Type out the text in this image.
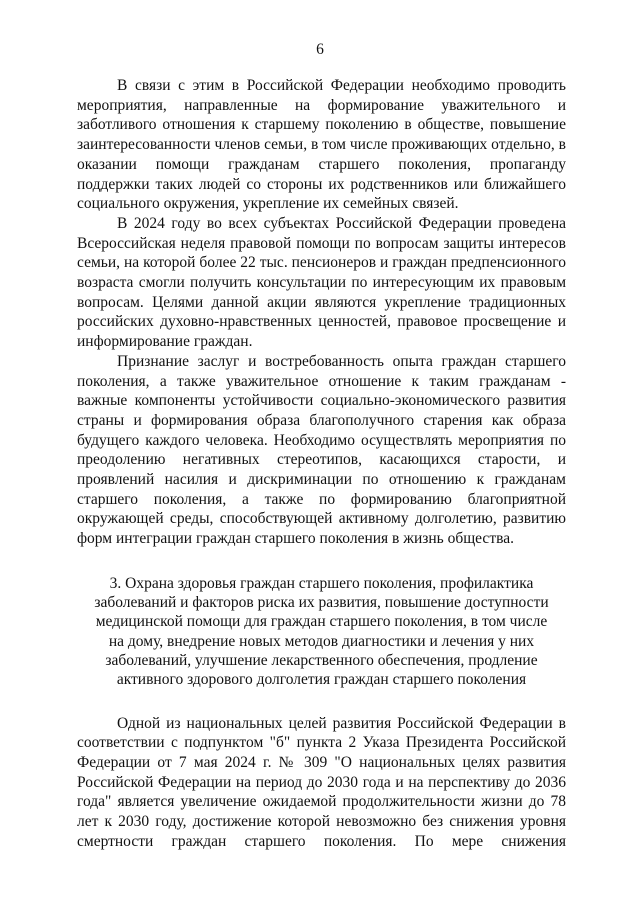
6

В связи с этим в Российской Федерации необходимо проводить мероприятия, направленные на формирование уважительного и заботливого отношения к старшему поколению в обществе, повышение заинтересованности членов семьи, в том числе проживающих отдельно, в оказании помощи гражданам старшего поколения, пропаганду поддержки таких людей со стороны их родственников или ближайшего социального окружения, укрепление их семейных связей.

В 2024 году во всех субъектах Российской Федерации проведена Всероссийская неделя правовой помощи по вопросам защиты интересов семьи, на которой более 22 тыс. пенсионеров и граждан предпенсионного возраста смогли получить консультации по интересующим их правовым вопросам. Целями данной акции являются укрепление традиционных российских духовно-нравственных ценностей, правовое просвещение и информирование граждан.

Признание заслуг и востребованность опыта граждан старшего поколения, а также уважительное отношение к таким гражданам - важные компоненты устойчивости социально-экономического развития страны и формирования образа благополучного старения как образа будущего каждого человека. Необходимо осуществлять мероприятия по преодолению негативных стереотипов, касающихся старости, и проявлений насилия и дискриминации по отношению к гражданам старшего поколения, а также по формированию благоприятной окружающей среды, способствующей активному долголетию, развитию форм интеграции граждан старшего поколения в жизнь общества.

3. Охрана здоровья граждан старшего поколения, профилактика заболеваний и факторов риска их развития, повышение доступности медицинской помощи для граждан старшего поколения, в том числе на дому, внедрение новых методов диагностики и лечения у них заболеваний, улучшение лекарственного обеспечения, продление активного здорового долголетия граждан старшего поколения

Одной из национальных целей развития Российской Федерации в соответствии с подпунктом "б" пункта 2 Указа Президента Российской Федерации от 7 мая 2024 г. № 309 "О национальных целях развития Российской Федерации на период до 2030 года и на перспективу до 2036 года" является увеличение ожидаемой продолжительности жизни до 78 лет к 2030 году, достижение которой невозможно без снижения уровня смертности граждан старшего поколения. По мере снижения
